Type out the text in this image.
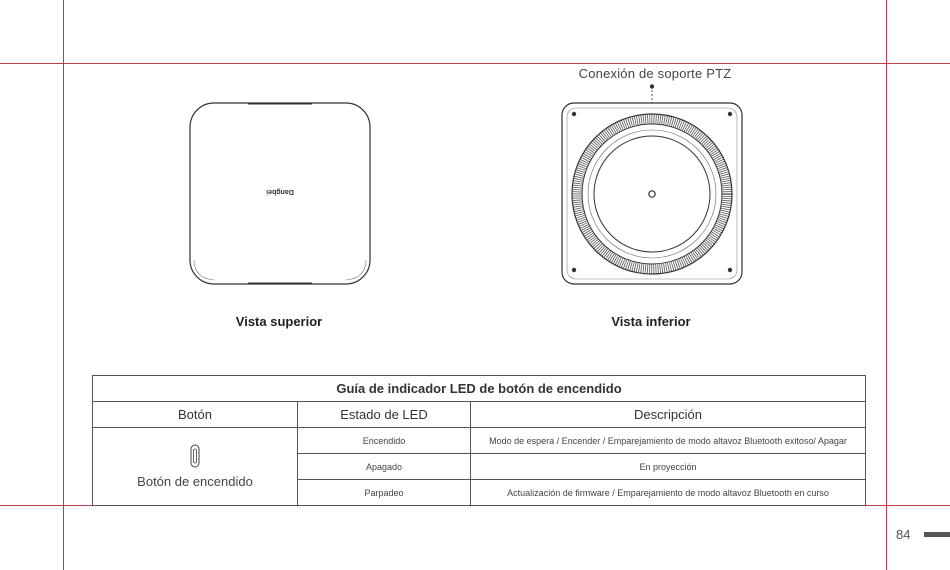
Dangbei
Vista superior
Conexión de soporte PTZ
Vista inferior
Guía de indicador LED de botón de encendido		
Botón	Estado de LED	Descripción

Botón de encendido	Encendido	Modo de espera / Encender / Emparejamiento de modo altavoz Bluetooth exitoso/ Apagar
	Apagado	En proyección
	Parpadeo	Actualización de firmware / Emparejamiento de modo altavoz Bluetooth en curso
84
